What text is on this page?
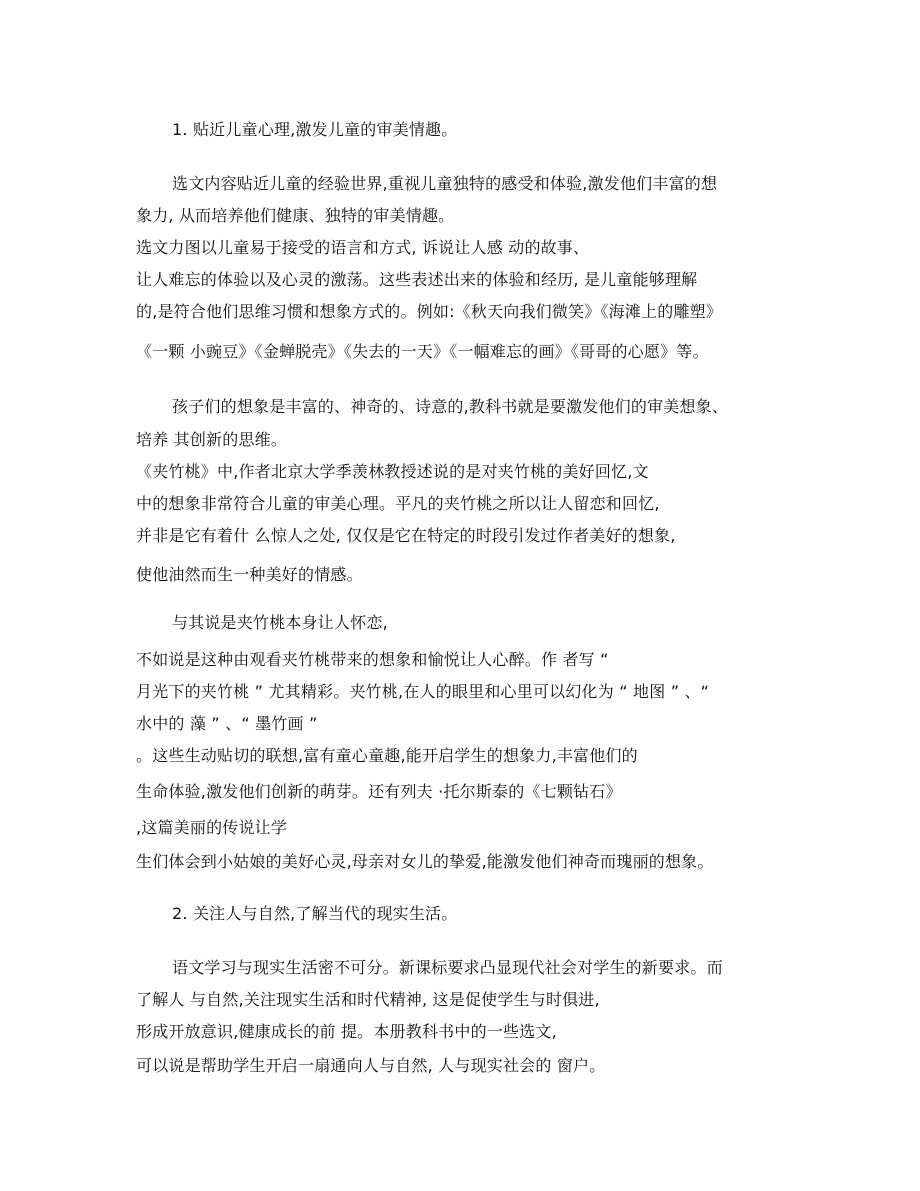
1. 贴近儿童心理,激发儿童的审美情趣。
选文内容贴近儿童的经验世界,重视儿童独特的感受和体验,激发他们丰富的想
象力, 从而培养他们健康、独特的审美情趣。
选文力图以儿童易于接受的语言和方式, 诉说让人感 动的故事、
让人难忘的体验以及心灵的激荡。这些表述出来的体验和经历, 是儿童能够理解
的,是符合他们思维习惯和想象方式的。例如:《秋天向我们微笑》《海滩上的雕塑》
《一颗 小豌豆》《金蝉脱壳》《失去的一天》《一幅难忘的画》《哥哥的心愿》等。
孩子们的想象是丰富的、神奇的、诗意的,教科书就是要激发他们的审美想象、
培养 其创新的思维。
《夹竹桃》中,作者北京大学季羡林教授述说的是对夹竹桃的美好回忆,文
中的想象非常符合儿童的审美心理。平凡的夹竹桃之所以让人留恋和回忆,
并非是它有着什 么惊人之处, 仅仅是它在特定的时段引发过作者美好的想象,
使他油然而生一种美好的情感。
与其说是夹竹桃本身让人怀恋,
不如说是这种由观看夹竹桃带来的想象和愉悦让人心醉。作 者写 “
月光下的夹竹桃 ” 尤其精彩。夹竹桃,在人的眼里和心里可以幻化为 “ 地图 ” 、“
水中的 藻 ” 、“ 墨竹画 ”
。这些生动贴切的联想,富有童心童趣,能开启学生的想象力,丰富他们的
生命体验,激发他们创新的萌芽。还有列夫 ·托尔斯泰的《七颗钻石》
,这篇美丽的传说让学
生们体会到小姑娘的美好心灵,母亲对女儿的挚爱,能激发他们神奇而瑰丽的想象。
2. 关注人与自然,了解当代的现实生活。
语文学习与现实生活密不可分。新课标要求凸显现代社会对学生的新要求。而
了解人 与自然,关注现实生活和时代精神, 这是促使学生与时俱进,
形成开放意识,健康成长的前 提。本册教科书中的一些选文,
可以说是帮助学生开启一扇通向人与自然, 人与现实社会的 窗户。
